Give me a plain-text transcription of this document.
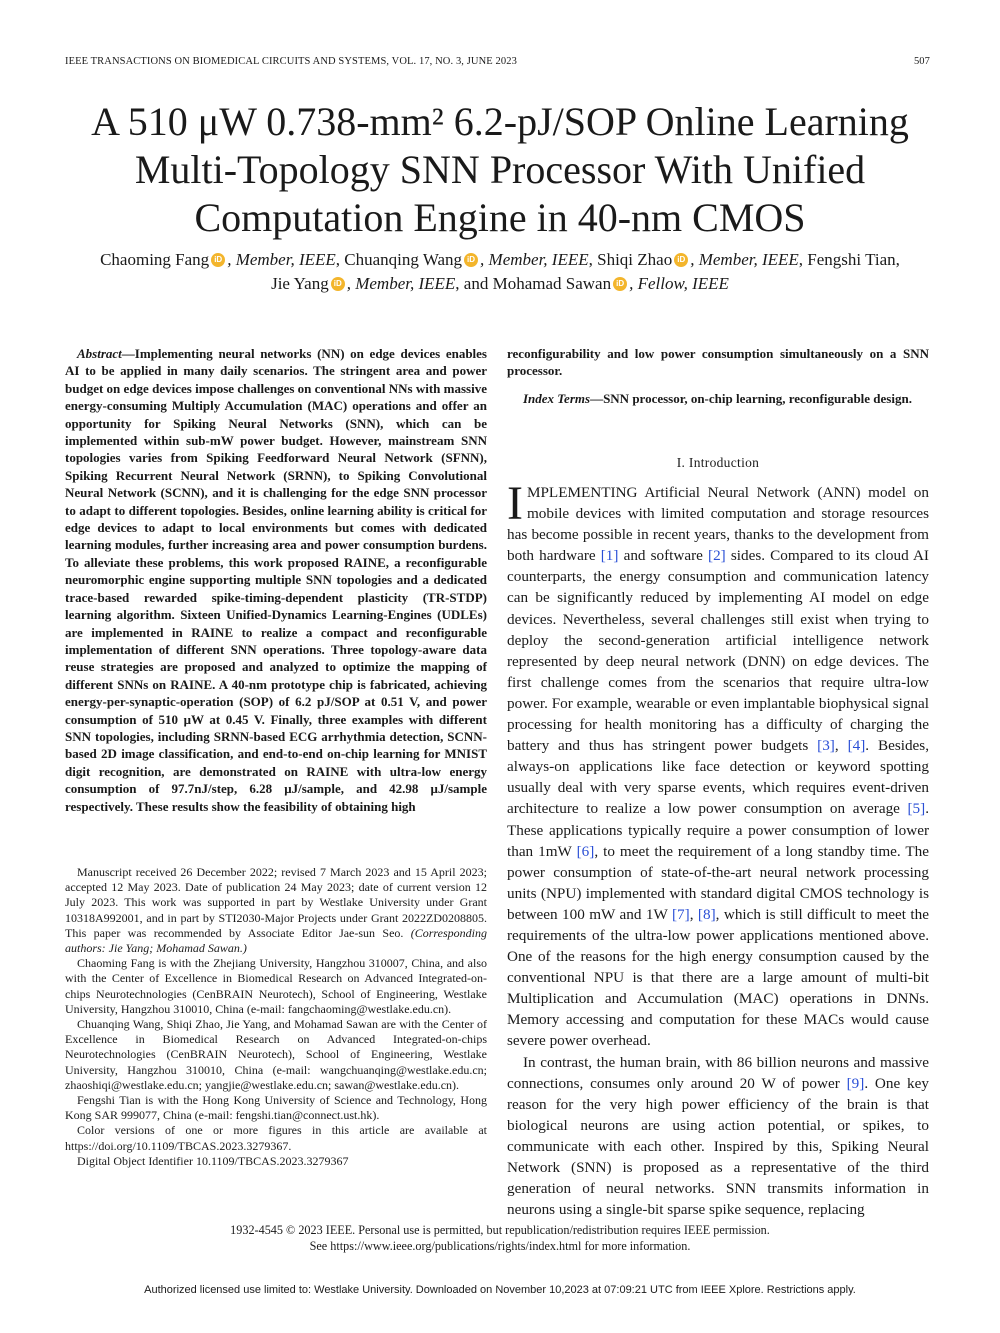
IEEE TRANSACTIONS ON BIOMEDICAL CIRCUITS AND SYSTEMS, VOL. 17, NO. 3, JUNE 2023	507
A 510 μW 0.738-mm² 6.2-pJ/SOP Online Learning
Multi-Topology SNN Processor With Unified
Computation Engine in 40-nm CMOS
Chaoming Fang iD , Member, IEEE, Chuanqing Wang iD , Member, IEEE, Shiqi Zhao iD , Member, IEEE, Fengshi Tian,
Jie Yang iD , Member, IEEE, and Mohamad Sawan iD , Fellow, IEEE
Abstract—Implementing neural networks (NN) on edge devices enables AI to be applied in many daily scenarios. The stringent area and power budget on edge devices impose challenges on conventional NNs with massive energy-consuming Multiply Accumulation (MAC) operations and offer an opportunity for Spiking Neural Networks (SNN), which can be implemented within sub-mW power budget. However, mainstream SNN topologies varies from Spiking Feedforward Neural Network (SFNN), Spiking Recurrent Neural Network (SRNN), to Spiking Convolutional Neural Network (SCNN), and it is challenging for the edge SNN processor to adapt to different topologies. Besides, online learning ability is critical for edge devices to adapt to local environments but comes with dedicated learning modules, further increasing area and power consumption burdens. To alleviate these problems, this work proposed RAINE, a reconfigurable neuromorphic engine supporting multiple SNN topologies and a dedicated trace-based rewarded spike-timing-dependent plasticity (TR-STDP) learning algorithm. Sixteen Unified-Dynamics Learning-Engines (UDLEs) are implemented in RAINE to realize a compact and reconfigurable implementation of different SNN operations. Three topology-aware data reuse strategies are proposed and analyzed to optimize the mapping of different SNNs on RAINE. A 40-nm prototype chip is fabricated, achieving energy-per-synaptic-operation (SOP) of 6.2 pJ/SOP at 0.51 V, and power consumption of 510 μW at 0.45 V. Finally, three examples with different SNN topologies, including SRNN-based ECG arrhythmia detection, SCNN-based 2D image classification, and end-to-end on-chip learning for MNIST digit recognition, are demonstrated on RAINE with ultra-low energy consumption of 97.7nJ/step, 6.28 μJ/sample, and 42.98 μJ/sample respectively. These results show the feasibility of obtaining high
reconfigurability and low power consumption simultaneously on a SNN processor.
Index Terms—SNN processor, on-chip learning, reconfigurable design.
I. Introduction

IMPLEMENTING Artificial Neural Network (ANN) model on mobile devices with limited computation and storage resources has become possible in recent years, thanks to the development from both hardware [1] and software [2] sides. Compared to its cloud AI counterparts, the energy consumption and communication latency can be significantly reduced by implementing AI model on edge devices. Nevertheless, several challenges still exist when trying to deploy the second-generation artificial intelligence network represented by deep neural network (DNN) on edge devices. The first challenge comes from the scenarios that require ultra-low power. For example, wearable or even implantable biophysical signal processing for health monitoring has a difficulty of charging the battery and thus has stringent power budgets [3], [4]. Besides, always-on applications like face detection or keyword spotting usually deal with very sparse events, which requires event-driven architecture to realize a low power consumption on average [5]. These applications typically require a power consumption of lower than 1mW [6], to meet the requirement of a long standby time. The power consumption of state-of-the-art neural network processing units (NPU) implemented with standard digital CMOS technology is between 100 mW and 1W [7], [8], which is still difficult to meet the requirements of the ultra-low power applications mentioned above. One of the reasons for the high energy consumption caused by the conventional NPU is that there are a large amount of multi-bit Multiplication and Accumulation (MAC) operations in DNNs. Memory accessing and computation for these MACs would cause severe power overhead.

In contrast, the human brain, with 86 billion neurons and massive connections, consumes only around 20 W of power [9]. One key reason for the very high power efficiency of the brain is that biological neurons are using action potential, or spikes, to communicate with each other. Inspired by this, Spiking Neural Network (SNN) is proposed as a representative of the third generation of neural networks. SNN transmits information in neurons using a single-bit sparse spike sequence, replacing

Manuscript received 26 December 2022; revised 7 March 2023 and 15 April 2023; accepted 12 May 2023. Date of publication 24 May 2023; date of current version 12 July 2023. This work was supported in part by Westlake University under Grant 10318A992001, and in part by STI2030-Major Projects under Grant 2022ZD0208805. This paper was recommended by Associate Editor Jae-sun Seo. (Corresponding authors: Jie Yang; Mohamad Sawan.)

Chaoming Fang is with the Zhejiang University, Hangzhou 310007, China, and also with the Center of Excellence in Biomedical Research on Advanced Integrated-on-chips Neurotechnologies (CenBRAIN Neurotech), School of Engineering, Westlake University, Hangzhou 310010, China (e-mail: fangchaoming@westlake.edu.cn).

Chuanqing Wang, Shiqi Zhao, Jie Yang, and Mohamad Sawan are with the Center of Excellence in Biomedical Research on Advanced Integrated-on-chips Neurotechnologies (CenBRAIN Neurotech), School of Engineering, Westlake University, Hangzhou 310010, China (e-mail: wangchuanqing@westlake.edu.cn; zhaoshiqi@westlake.edu.cn; yangjie@westlake.edu.cn; sawan@westlake.edu.cn).

Fengshi Tian is with the Hong Kong University of Science and Technology, Hong Kong SAR 999077, China (e-mail: fengshi.tian@connect.ust.hk).

Color versions of one or more figures in this article are available at https://doi.org/10.1109/TBCAS.2023.3279367.

Digital Object Identifier 10.1109/TBCAS.2023.3279367

1932-4545 © 2023 IEEE. Personal use is permitted, but republication/redistribution requires IEEE permission.
See https://www.ieee.org/publications/rights/index.html for more information.
Authorized licensed use limited to: Westlake University. Downloaded on November 10,2023 at 07:09:21 UTC from IEEE Xplore. Restrictions apply.
